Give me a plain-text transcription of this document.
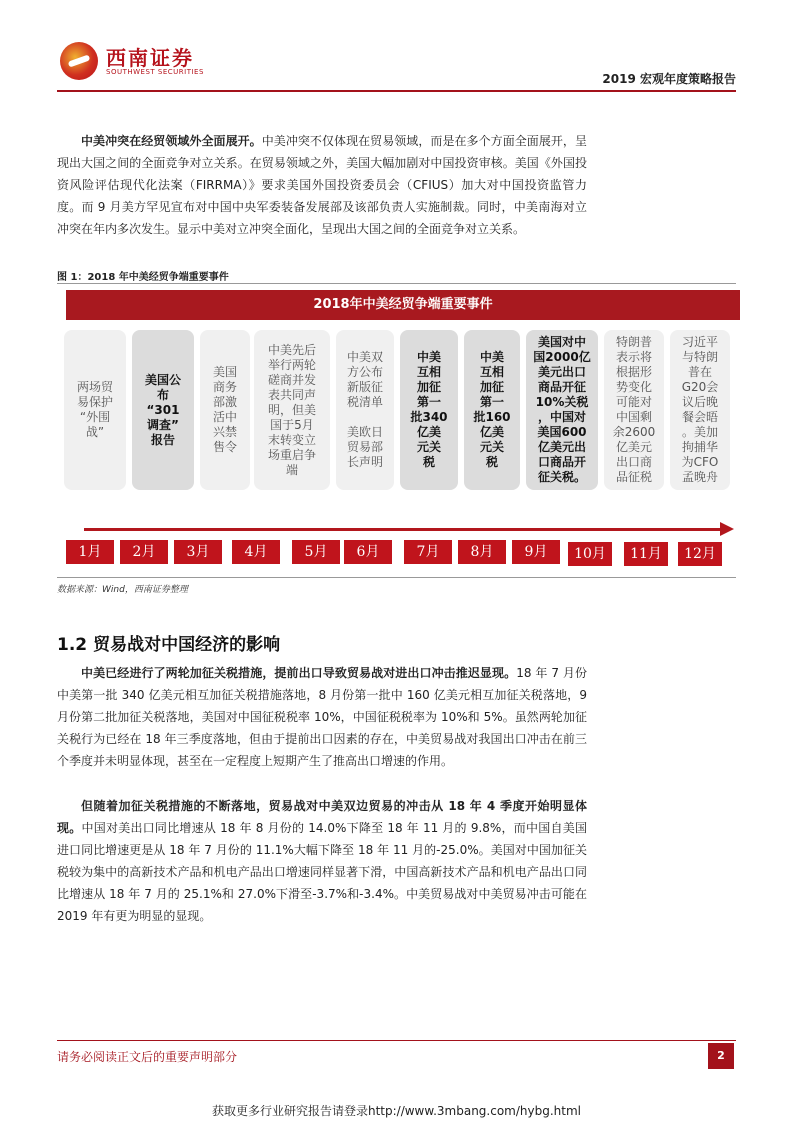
西南证券
SOUTHWEST SECURITIES	2019 宏观年度策略报告
中美冲突在经贸领域外全面展开。中美冲突不仅体现在贸易领域，而是在多个方面全面展开，呈现出大国之间的全面竞争对立关系。在贸易领域之外，美国大幅加剧对中国投资审核。美国《外国投资风险评估现代化法案（FIRRMA）》要求美国外国投资委员会（CFIUS）加大对中国投资监管力度。而 9 月美方罕见宣布对中国中央军委装备发展部及该部负责人实施制裁。同时，中美南海对立冲突在年内多次发生。显示中美对立冲突全面化，呈现出大国之间的全面竞争对立关系。
图 1：2018 年中美经贸争端重要事件
2018年中美经贸争端重要事件
两场贸
易保护
“外围
战”
美国公
布
“301
调查”
报告
美国
商务
部激
活中
兴禁
售令
中美先后
举行两轮
磋商并发
表共同声
明，但美
国于5月
末转变立
场重启争
端
中美双
方公布
新版征
税清单

美欧日
贸易部
长声明
中美
互相
加征
第一
批340
亿美
元关
税
中美
互相
加征
第一
批160
亿美
元关
税
美国对中
国2000亿
美元出口
商品开征
10%关税
，中国对
美国600
亿美元出
口商品开
征关税。
特朗普
表示将
根据形
势变化
可能对
中国剩
余2600
亿美元
出口商
品征税
习近平
与特朗
普在
G20会
议后晚
餐会晤
。美加
拘捕华
为CFO
孟晚舟
1月	2月	3月	4月	5月	6月	7月	8月	9月	10月	11月	12月
数据来源：Wind，西南证券整理
1.2 贸易战对中国经济的影响
中美已经进行了两轮加征关税措施，提前出口导致贸易战对进出口冲击推迟显现。18 年 7 月份中美第一批 340 亿美元相互加征关税措施落地，8 月份第一批中 160 亿美元相互加征关税落地，9 月份第二批加征关税落地，美国对中国征税税率 10%，中国征税税率为 10%和 5%。虽然两轮加征关税行为已经在 18 年三季度落地，但由于提前出口因素的存在，中美贸易战对我国出口冲击在前三个季度并未明显体现，甚至在一定程度上短期产生了推高出口增速的作用。
但随着加征关税措施的不断落地，贸易战对中美双边贸易的冲击从 18 年 4 季度开始明显体现。中国对美出口同比增速从 18 年 8 月份的 14.0%下降至 18 年 11 月的 9.8%，而中国自美国进口同比增速更是从 18 年 7 月份的 11.1%大幅下降至 18 年 11 月的-25.0%。美国对中国加征关税较为集中的高新技术产品和机电产品出口增速同样显著下滑，中国高新技术产品和机电产品出口同比增速从 18 年 7 月的 25.1%和 27.0%下滑至-3.7%和-3.4%。中美贸易战对中美贸易冲击可能在 2019 年有更为明显的显现。
请务必阅读正文后的重要声明部分	2
获取更多行业研究报告请登录http://www.3mbang.com/hybg.html
